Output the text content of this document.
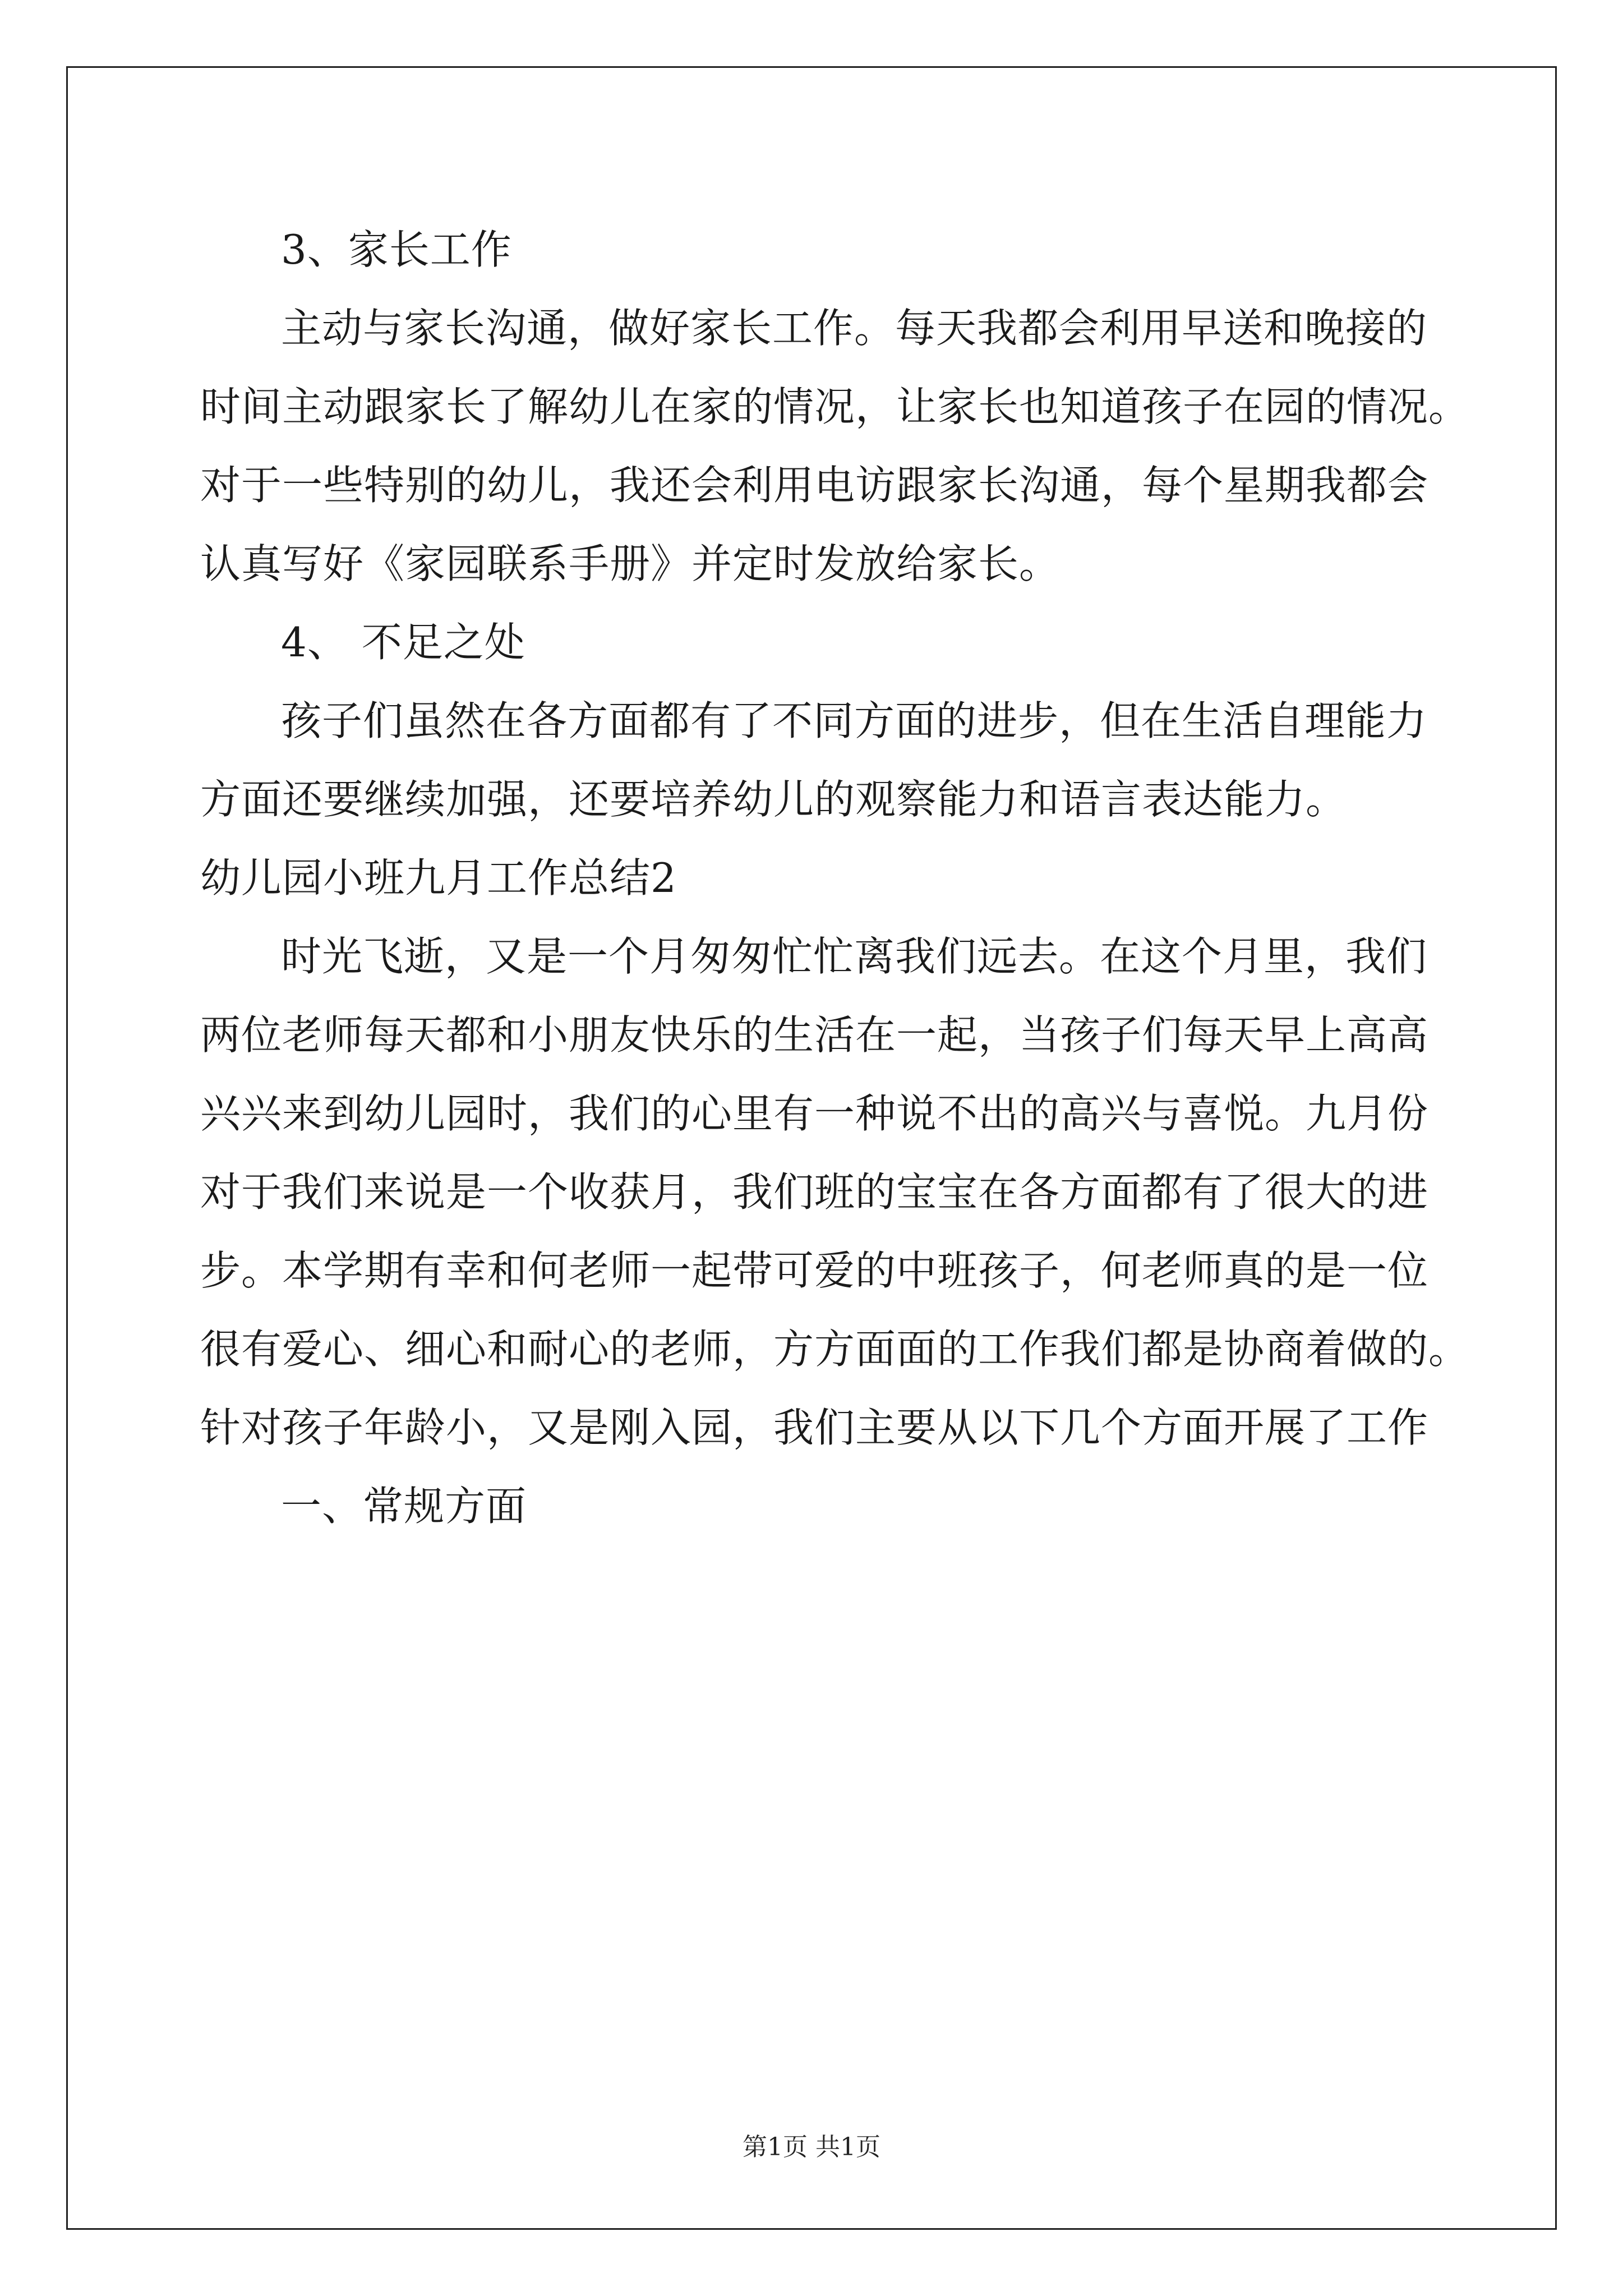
3、家长工作
主动与家长沟通，做好家长工作。每天我都会利用早送和晚接的
时间主动跟家长了解幼儿在家的情况，让家长也知道孩子在园的情况。
对于一些特别的幼儿，我还会利用电访跟家长沟通，每个星期我都会
认真写好《家园联系手册》并定时发放给家长。
4、 不足之处
孩子们虽然在各方面都有了不同方面的进步，但在生活自理能力
方面还要继续加强，还要培养幼儿的观察能力和语言表达能力。
幼儿园小班九月工作总结2
时光飞逝，又是一个月匆匆忙忙离我们远去。在这个月里，我们
两位老师每天都和小朋友快乐的生活在一起，当孩子们每天早上高高
兴兴来到幼儿园时，我们的心里有一种说不出的高兴与喜悦。九月份
对于我们来说是一个收获月，我们班的宝宝在各方面都有了很大的进
步。本学期有幸和何老师一起带可爱的中班孩子，何老师真的是一位
很有爱心、细心和耐心的老师，方方面面的工作我们都是协商着做的。
针对孩子年龄小，又是刚入园，我们主要从以下几个方面开展了工作
一、常规方面
第1页 共1页
